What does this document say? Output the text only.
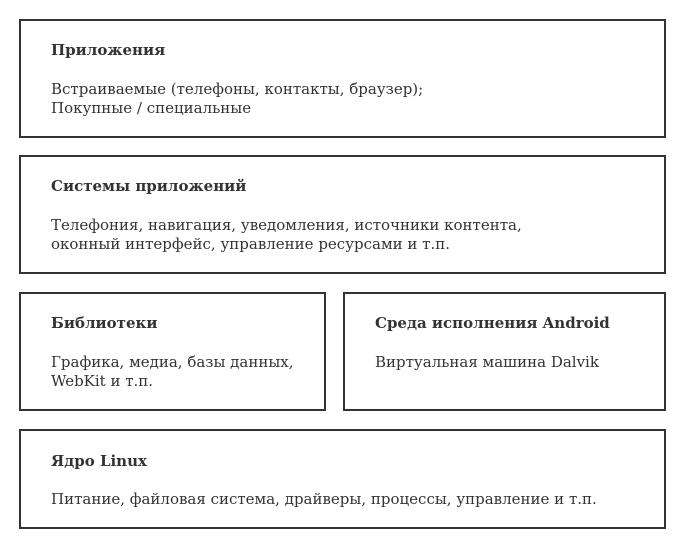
Приложения
Встраиваемые (телефоны, контакты, браузер);
Покупные / специальные
Системы приложений
Телефония, навигация, уведомления, источники контента,
оконный интерфейс, управление ресурсами и т.п.
Библиотеки
Графика, медиа, базы данных,
WebKit и т.п.
Среда исполнения Android
Виртуальная машина Dalvik
Ядро Linux
Питание, файловая система, драйверы, процессы, управление и т.п.
